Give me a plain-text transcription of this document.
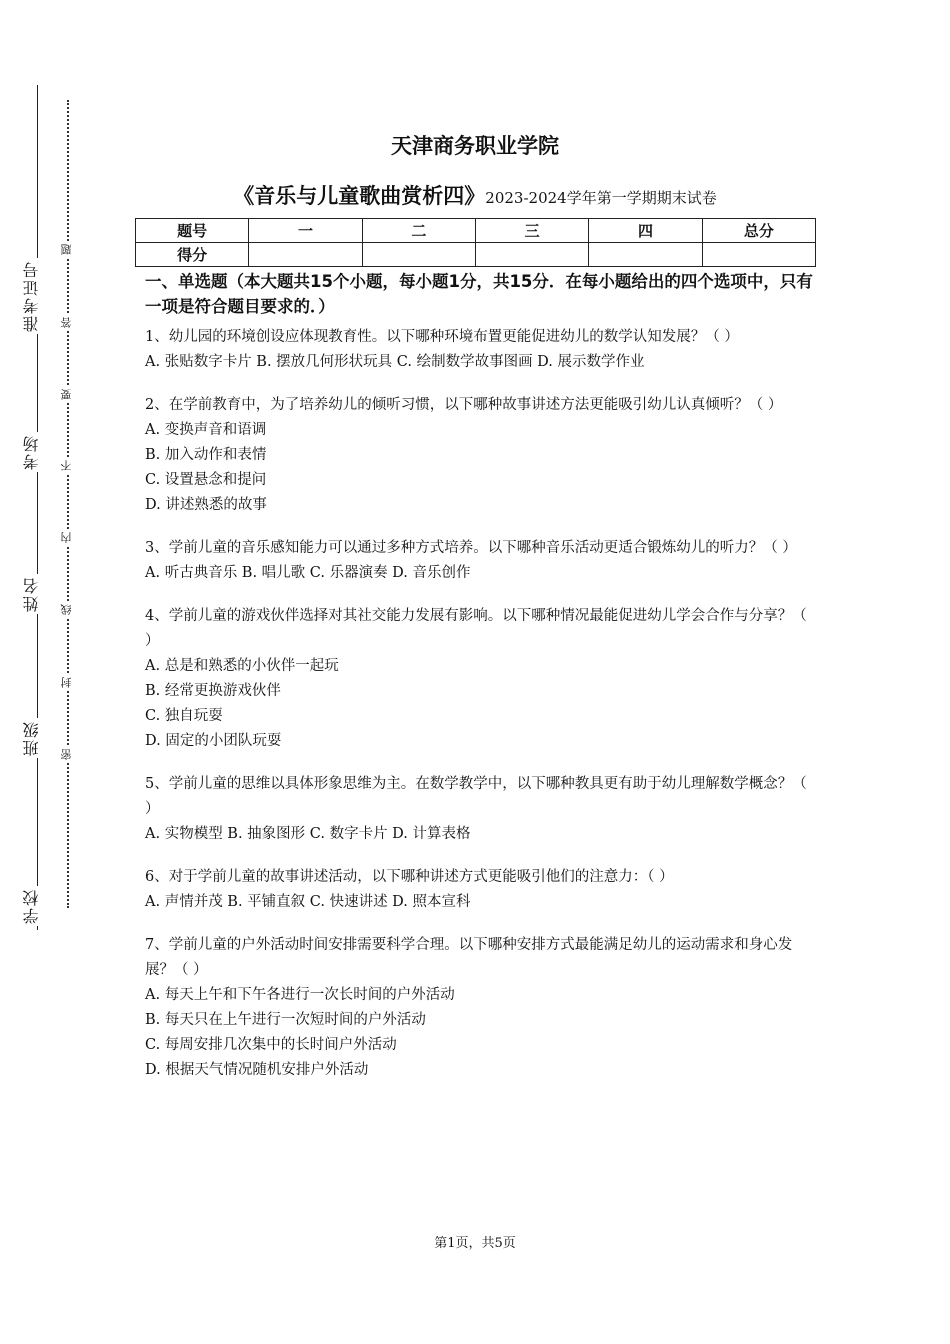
准考证号
考场
姓名
班级
学校
题
答
要
不
内
线
封
密
天津商务职业学院
《音乐与儿童歌曲赏析四》2023-2024学年第一学期期末试卷
题号	一	二	三	四	总分
得分					

一、单选题（本大题共15个小题，每小题1分，共15分．在每小题给出的四个选项中，只有一项是符合题目要求的．）

1、幼儿园的环境创设应体现教育性。以下哪种环境布置更能促进幼儿的数学认知发展？（ ）

A. 张贴数字卡片 B. 摆放几何形状玩具 C. 绘制数学故事图画 D. 展示数学作业

2、在学前教育中，为了培养幼儿的倾听习惯，以下哪种故事讲述方法更能吸引幼儿认真倾听？（ ）

A. 变换声音和语调

B. 加入动作和表情

C. 设置悬念和提问

D. 讲述熟悉的故事

3、学前儿童的音乐感知能力可以通过多种方式培养。以下哪种音乐活动更适合锻炼幼儿的听力？（ ）

A. 听古典音乐 B. 唱儿歌 C. 乐器演奏 D. 音乐创作

4、学前儿童的游戏伙伴选择对其社交能力发展有影响。以下哪种情况最能促进幼儿学会合作与分享？（ ）

A. 总是和熟悉的小伙伴一起玩

B. 经常更换游戏伙伴

C. 独自玩耍

D. 固定的小团队玩耍

5、学前儿童的思维以具体形象思维为主。在数学教学中，以下哪种教具更有助于幼儿理解数学概念？（ ）

A. 实物模型 B. 抽象图形 C. 数字卡片 D. 计算表格

6、对于学前儿童的故事讲述活动，以下哪种讲述方式更能吸引他们的注意力：（ ）

A. 声情并茂 B. 平铺直叙 C. 快速讲述 D. 照本宣科

7、学前儿童的户外活动时间安排需要科学合理。以下哪种安排方式最能满足幼儿的运动需求和身心发展？（ ）

A. 每天上午和下午各进行一次长时间的户外活动

B. 每天只在上午进行一次短时间的户外活动

C. 每周安排几次集中的长时间户外活动

D. 根据天气情况随机安排户外活动

第1页，共5页
